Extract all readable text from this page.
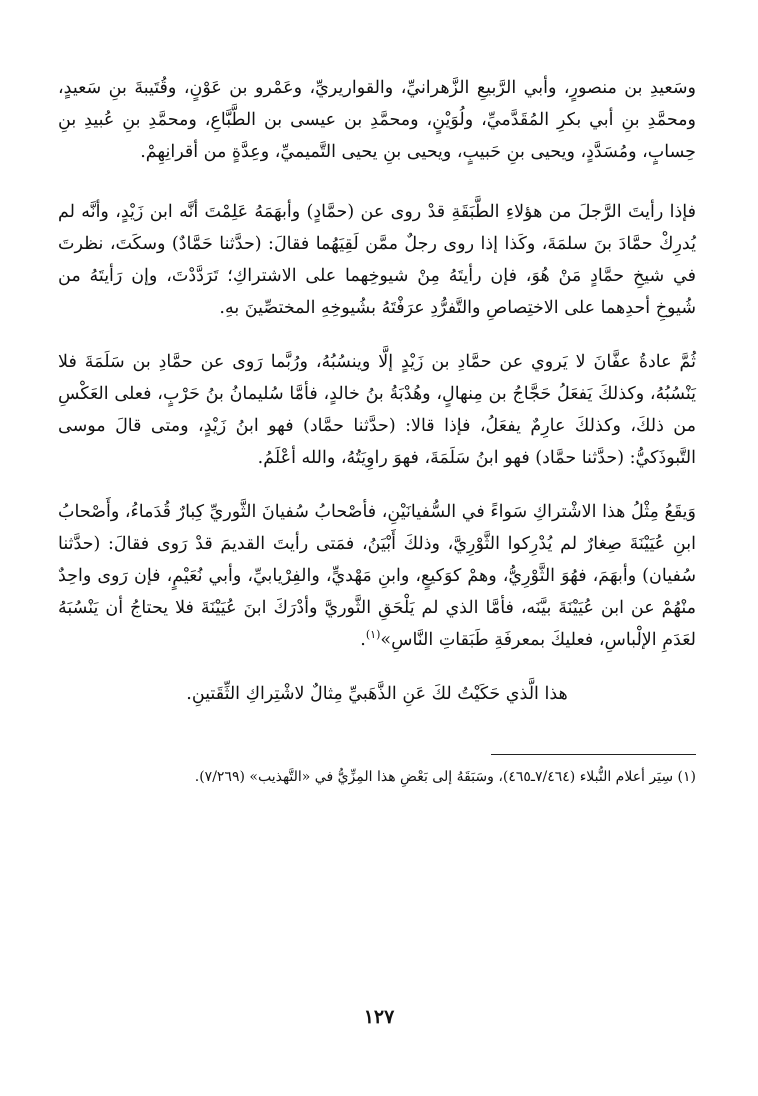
وسَعيدِ بن منصورٍ، وأبي الرَّبيعِ الزَّهرانيِّ، والقواريريِّ، وعَمْرو بن عَوْنٍ، وقُتَيبةَ بنِ سَعيدٍ، ومحمَّدِ بنِ أبي بكرِ المُقَدَّميِّ، ولُوَيْنٍ، ومحمَّدِ بن عيسى بن الطَّبَّاعِ، ومحمَّدِ بنِ عُبيدِ بنِ حِسابٍ، ومُسَدَّدٍ، ويحيى بنِ حَبيبٍ، ويحيى بنِ يحيى التَّميميِّ، وعِدَّةٍ من أقرانِهِمْ.

فإذا رأيتَ الرَّجلَ من هؤلاءِ الطَّبَقَةِ قدْ روى عن (حمَّادٍ) وأبهَمَهُ عَلِمْتَ أنَّه ابن زَيْدٍ، وأنَّه لم يُدرِكْ حمَّادَ بنَ سلمَةَ، وكَذا إذا روى رجلٌ ممَّن لَقِيَهُما فقالَ: (حدَّثنا حَمَّادٌ) وسكَتَ، نظرتَ في شيخِ حمَّادٍ مَنْ هُوَ، فإن رأيتَهُ مِنْ شيوخِهما على الاشتراكِ؛ تَرَدَّدْتَ، وإن رَأيتَهُ من شُيوخِ أحدِهما على الاختِصاصِ والتَّفرُّدِ عرَفْتَهُ بشُيوخِهِ المختصِّينَ بهِ.

ثُمَّ عادةُ عفَّانَ لا يَروي عن حمَّادِ بن زَيْدٍ إلَّا وينسُبُهُ، ورُبَّما رَوى عن حمَّادِ بن سَلَمَةَ فلا يَنْسُبُهُ، وكذلكَ يَفعَلُ حَجَّاجُ بن مِنهالٍ، وهُدْبَةُ بنُ خالدٍ، فأمَّا سُليمانُ بنُ حَرْبٍ، فعلى العَكْسِ من ذلكَ، وكذلكَ عارِمٌ يفعَلُ، فإذا قالا: (حدَّثنا حمَّاد) فهو ابنُ زَيْدٍ، ومتى قالَ موسى التَّبوذَكيُّ: (حدَّثنا حمَّاد) فهو ابنُ سَلَمَةَ، فهوَ راوِيَتُهُ، والله أعْلَمُ.

وَيقَعُ مِثْلُ هذا الاشْتراكِ سَواءً في السُّفيانَيْنِ، فأصْحابُ سُفيانَ الثَّوريِّ كِبارٌ قُدَماءُ، وأَصْحابُ ابنِ عُيَيْنَةَ صِغارٌ لم يُدْرِكوا الثَّوْرِيَّ، وذلكَ أَبْيَنُ، فمَتى رأيتَ القديمَ قدْ رَوى فقالَ: (حدَّثنا سُفيان) وأبهَمَ، فهُوَ الثَّوْرِيُّ، وهمْ كوَكيعٍ، وابنِ مَهْديٍّ، والفِرْيابيِّ، وأبي نُعَيْمٍ، فإن رَوى واحِدٌ منْهُمْ عن ابن عُيَيْنَةَ بيَّنَه، فأمَّا الذي لم يَلْحَقِ الثَّوريَّ وأدْرَكَ ابنَ عُيَيْنَةَ فلا يحتاجُ أن يَنْسُبَهُ لعَدَمِ الإلْباسِ، فعليكَ بمعرفَةِ طَبَقاتِ النَّاسِ»$^{(١)}$.

هذا الَّذي حَكَيْتُ لكَ عَنِ الذَّهَبيِّ مِثالٌ لاشْتِراكِ الثِّقَتينِ.

(١) سِيَر أعلام النُّبلاء (٧/٤٦٤ـ٤٦٥)، وسَبَقَهُ إلى بَعْضِ هذا المِزِّيُّ في «التَّهذيب» (٧/٢٦٩).
١٢٧
